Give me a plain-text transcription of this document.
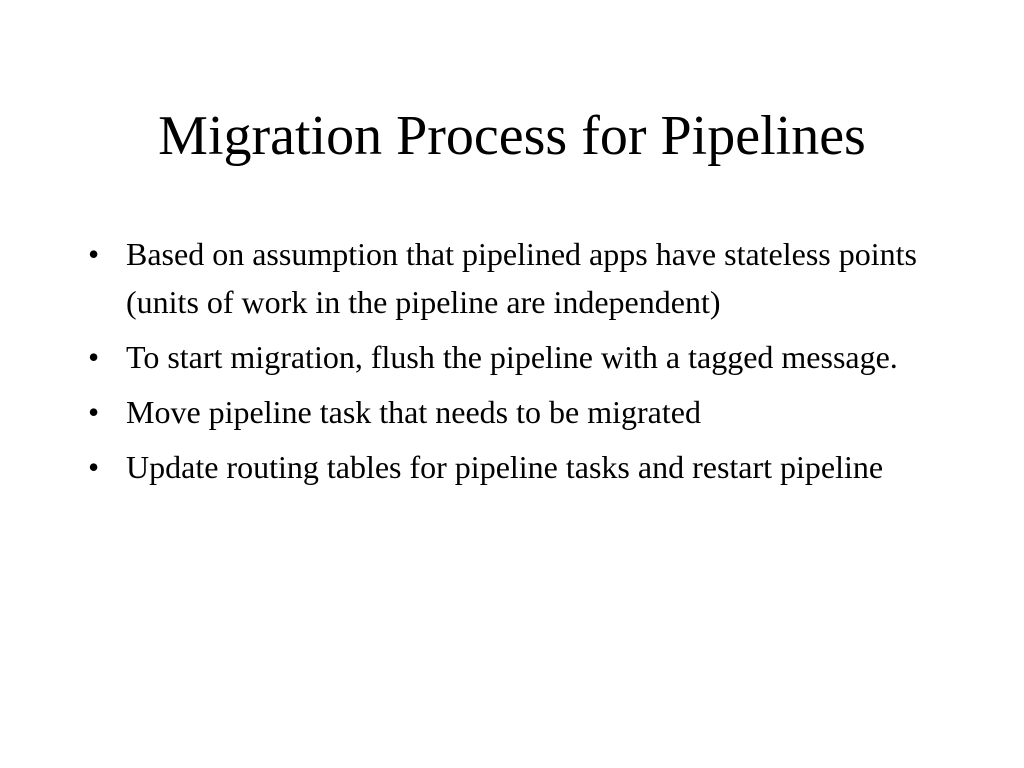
Migration Process for Pipelines
• Based on assumption that pipelined apps have stateless points (units of work in the pipeline are independent)
• To start migration, flush the pipeline with a tagged message.
• Move pipeline task that needs to be migrated
• Update routing tables for pipeline tasks and restart pipeline
